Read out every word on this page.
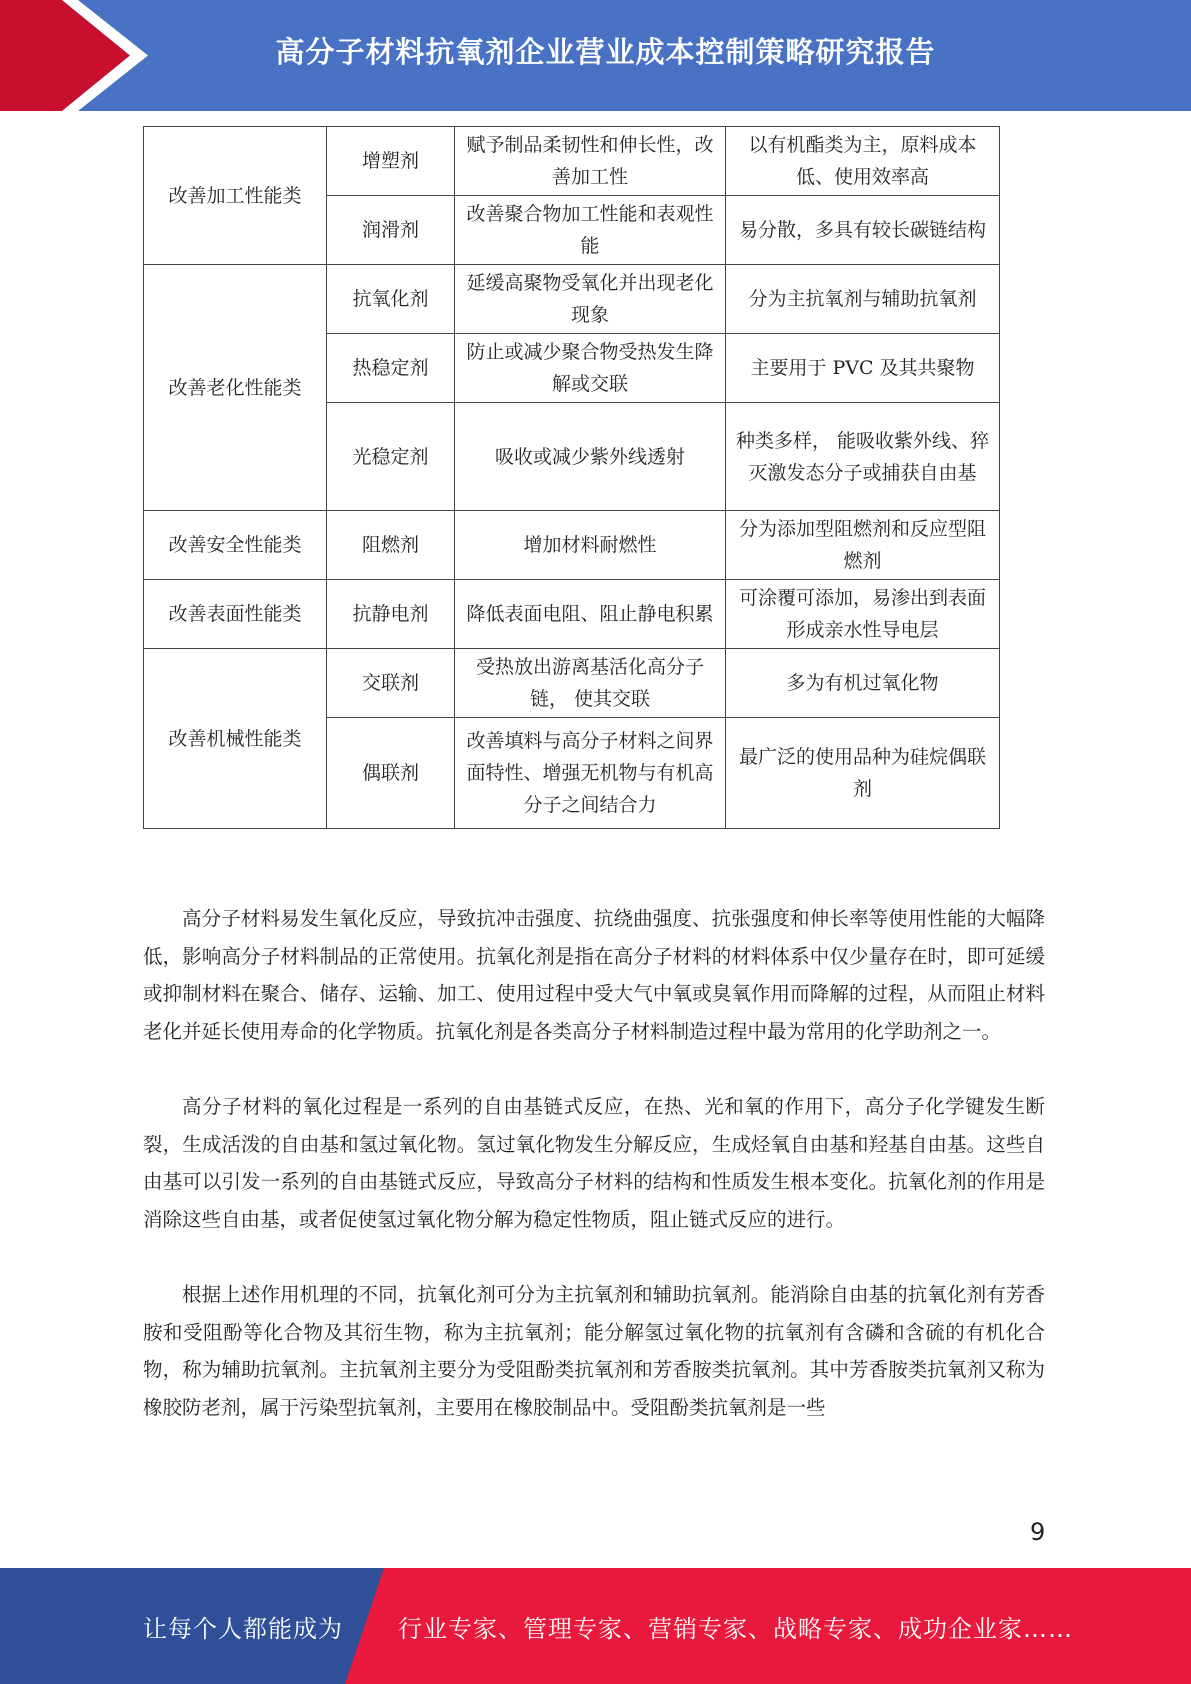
高分子材料抗氧剂企业营业成本控制策略研究报告
改善加工性能类	增塑剂	赋予制品柔韧性和伸长性，改善加工性	以有机酯类为主，原料成本低、使用效率高
	润滑剂	改善聚合物加工性能和表观性能	易分散，多具有较长碳链结构
改善老化性能类	抗氧化剂	延缓高聚物受氧化并出现老化现象	分为主抗氧剂与辅助抗氧剂
	热稳定剂	防止或减少聚合物受热发生降解或交联	主要用于 PVC 及其共聚物
	光稳定剂	吸收或减少紫外线透射	种类多样， 能吸收紫外线、猝灭激发态分子或捕获自由基
改善安全性能类	阻燃剂	增加材料耐燃性	分为添加型阻燃剂和反应型阻燃剂
改善表面性能类	抗静电剂	降低表面电阻、阻止静电积累	可涂覆可添加，易渗出到表面形成亲水性导电层
改善机械性能类	交联剂	受热放出游离基活化高分子链， 使其交联	多为有机过氧化物
	偶联剂	改善填料与高分子材料之间界面特性、增强无机物与有机高分子之间结合力	最广泛的使用品种为硅烷偶联剂

高分子材料易发生氧化反应，导致抗冲击强度、抗绕曲强度、抗张强度和伸长率等使用性能的大幅降低，影响高分子材料制品的正常使用。抗氧化剂是指在高分子材料的材料体系中仅少量存在时，即可延缓或抑制材料在聚合、储存、运输、加工、使用过程中受大气中氧或臭氧作用而降解的过程，从而阻止材料老化并延长使用寿命的化学物质。抗氧化剂是各类高分子材料制造过程中最为常用的化学助剂之一。

高分子材料的氧化过程是一系列的自由基链式反应，在热、光和氧的作用下，高分子化学键发生断裂，生成活泼的自由基和氢过氧化物。氢过氧化物发生分解反应，生成烃氧自由基和羟基自由基。这些自由基可以引发一系列的自由基链式反应，导致高分子材料的结构和性质发生根本变化。抗氧化剂的作用是消除这些自由基，或者促使氢过氧化物分解为稳定性物质，阻止链式反应的进行。

根据上述作用机理的不同，抗氧化剂可分为主抗氧剂和辅助抗氧剂。能消除自由基的抗氧化剂有芳香胺和受阻酚等化合物及其衍生物，称为主抗氧剂；能分解氢过氧化物的抗氧剂有含磷和含硫的有机化合物，称为辅助抗氧剂。主抗氧剂主要分为受阻酚类抗氧剂和芳香胺类抗氧剂。其中芳香胺类抗氧剂又称为橡胶防老剂，属于污染型抗氧剂，主要用在橡胶制品中。受阻酚类抗氧剂是一些

9
让每个人都能成为 行业专家、管理专家、营销专家、战略专家、成功企业家……
